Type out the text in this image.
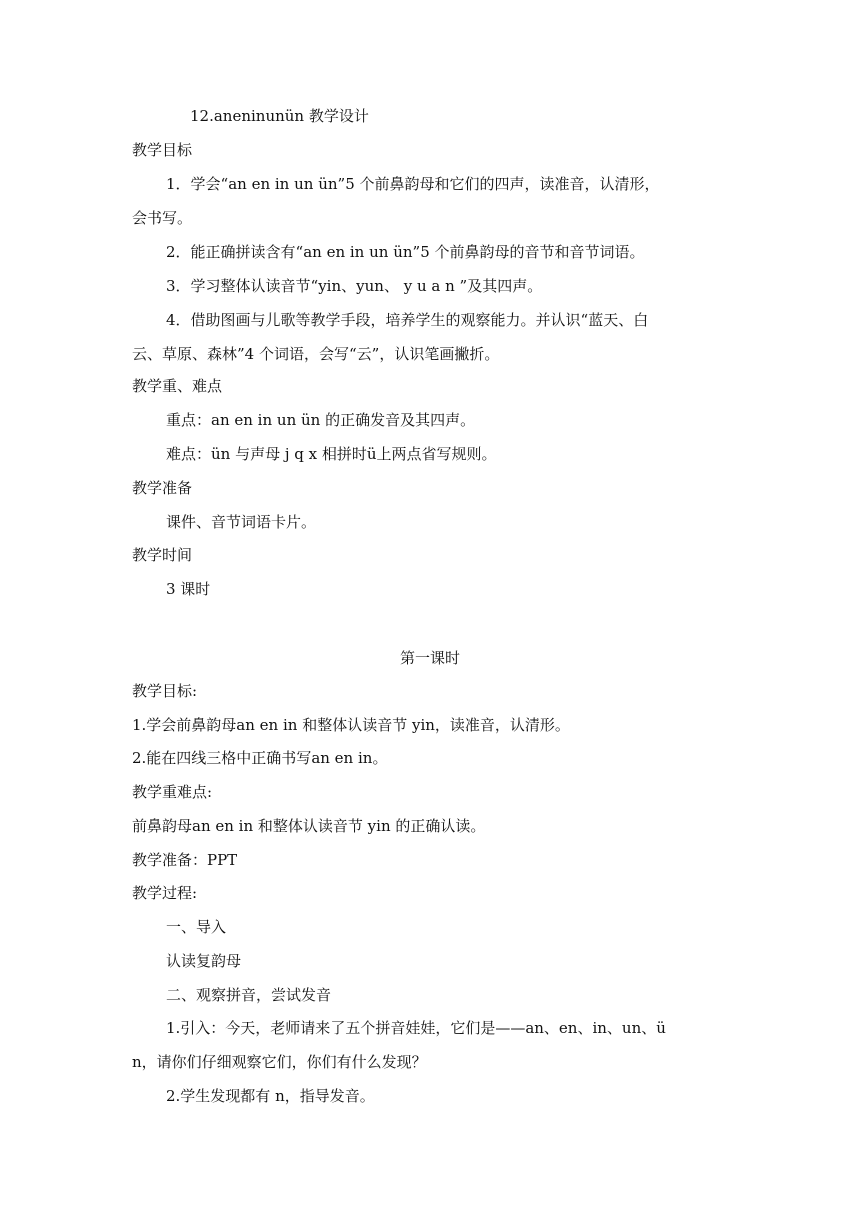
12.aneninunün 教学设计
教学目标
1．学会“an en in un ün”5 个前鼻韵母和它们的四声，读准音，认清形，
会书写。
2．能正确拼读含有“an en in un ün”5 个前鼻韵母的音节和音节词语。
3．学习整体认读音节“yin、yun、 y u a n ”及其四声。
4．借助图画与儿歌等教学手段，培养学生的观察能力。并认识“蓝天、白
云、草原、森林”4 个词语，会写“云”，认识笔画撇折。
教学重、难点
重点：an en in un ün 的正确发音及其四声。
难点：ün 与声母 j q x 相拼时ü上两点省写规则。
教学准备
课件、音节词语卡片。
教学时间
3 课时
第一课时
教学目标:
1.学会前鼻韵母an en in 和整体认读音节 yin，读准音，认清形。
2.能在四线三格中正确书写an en in。
教学重难点:
前鼻韵母an en in 和整体认读音节 yin 的正确认读。
教学准备：PPT
教学过程:
一、导入
认读复韵母
二、观察拼音，尝试发音
1.引入：今天，老师请来了五个拼音娃娃，它们是——an、en、in、un、ü
n，请你们仔细观察它们，你们有什么发现？
2.学生发现都有 n，指导发音。
